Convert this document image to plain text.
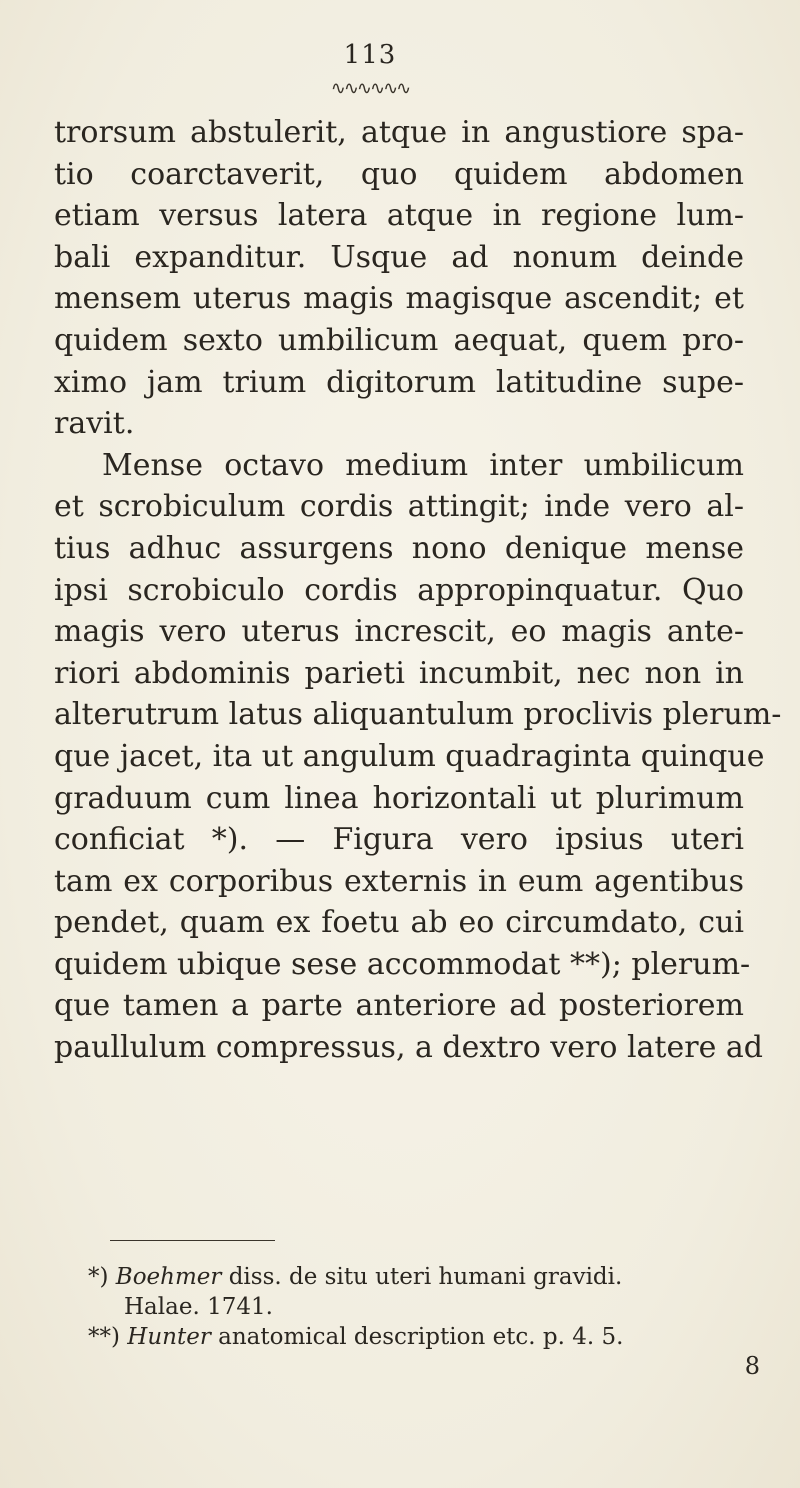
113
∿∿∿∿∿∿
trorsum abstulerit, atque in angustiore spa-
tio coarctaverit, quo quidem abdomen
etiam versus latera atque in regione lum-
bali expanditur. Usque ad nonum deinde
mensem uterus magis magisque ascendit; et
quidem sexto umbilicum aequat, quem pro-
ximo jam trium digitorum latitudine supe-
ravit.
Mense octavo medium inter umbilicum
et scrobiculum cordis attingit; inde vero al-
tius adhuc assurgens nono denique mense
ipsi scrobiculo cordis appropinquatur. Quo
magis vero uterus increscit, eo magis ante-
riori abdominis parieti incumbit, nec non in
alterutrum latus aliquantulum proclivis plerum-
que jacet, ita ut angulum quadraginta quinque
graduum cum linea horizontali ut plurimum
conficiat *). — Figura vero ipsius uteri
tam ex corporibus externis in eum agentibus
pendet, quam ex foetu ab eo circumdato, cui
quidem ubique sese accommodat **); plerum-
que tamen a parte anteriore ad posteriorem
paullulum compressus, a dextro vero latere ad
*) Boehmer diss. de situ uteri humani gravidi.
Halae. 1741.
**) Hunter anatomical description etc. p. 4. 5.
8
